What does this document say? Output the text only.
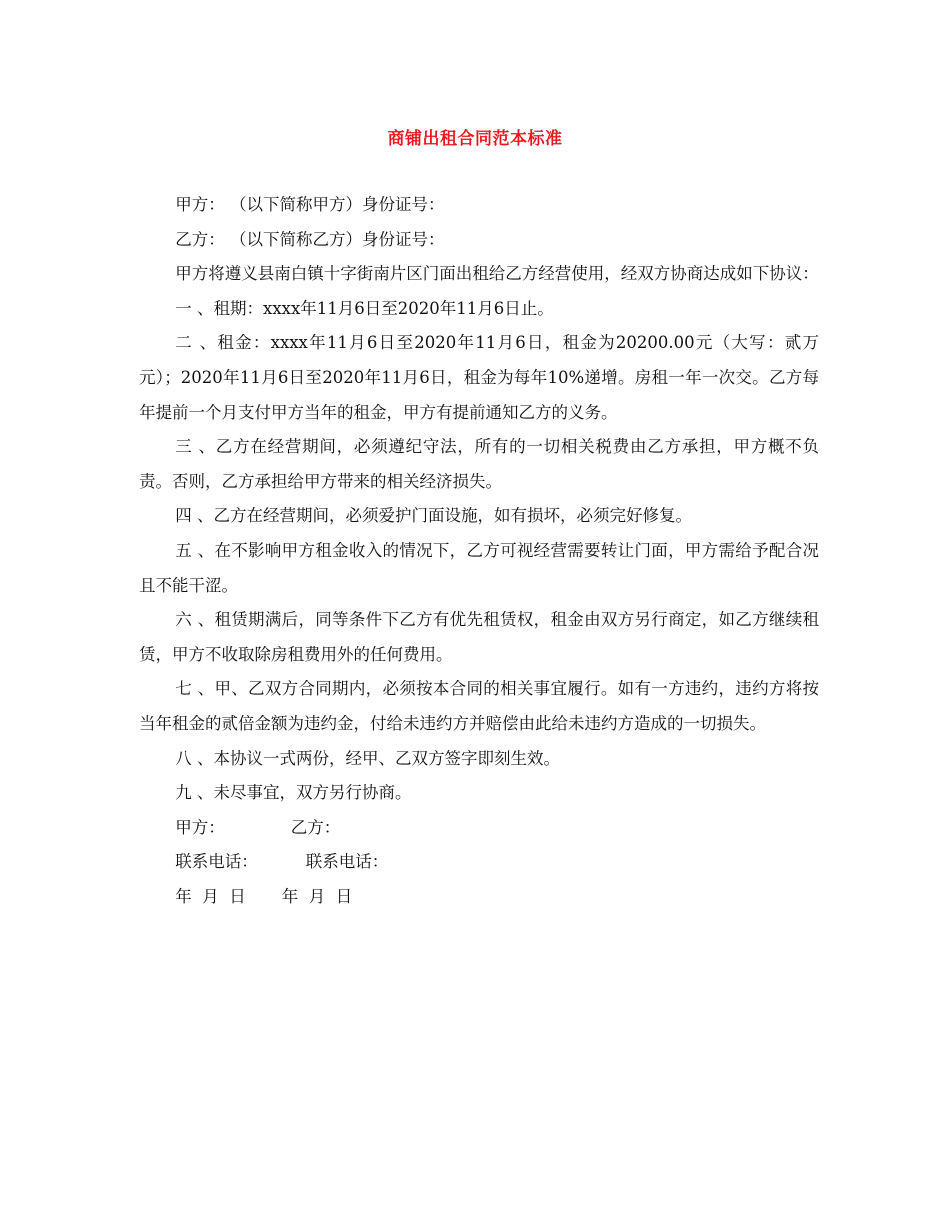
商铺出租合同范本标准

甲方： （以下简称甲方）身份证号：

乙方： （以下简称乙方）身份证号：

甲方将遵义县南白镇十字街南片区门面出租给乙方经营使用，经双方协商达成如下协议：

一 、租期：xxxx年11月6日至2020年11月6日止。

二 、租金：xxxx年11月6日至2020年11月6日，租金为20200.00元（大写：贰万元）；2020年11月6日至2020年11月6日，租金为每年10%递增。房租一年一次交。乙方每年提前一个月支付甲方当年的租金，甲方有提前通知乙方的义务。

三 、乙方在经营期间，必须遵纪守法，所有的一切相关税费由乙方承担，甲方概不负责。否则，乙方承担给甲方带来的相关经济损失。

四 、乙方在经营期间，必须爱护门面设施，如有损坏，必须完好修复。

五 、在不影响甲方租金收入的情况下，乙方可视经营需要转让门面，甲方需给予配合况且不能干涩。

六 、租赁期满后，同等条件下乙方有优先租赁权，租金由双方另行商定，如乙方继续租赁，甲方不收取除房租费用外的任何费用。

七 、甲、乙双方合同期内，必须按本合同的相关事宜履行。如有一方违约，违约方将按当年租金的贰倍金额为违约金，付给未违约方并赔偿由此给未违约方造成的一切损失。

八 、本协议一式两份，经甲、乙双方签字即刻生效。

九 、未尽事宜，双方另行协商。

甲方：	乙方：
联系电话：	联系电话：
年  月  日 年  月  日
